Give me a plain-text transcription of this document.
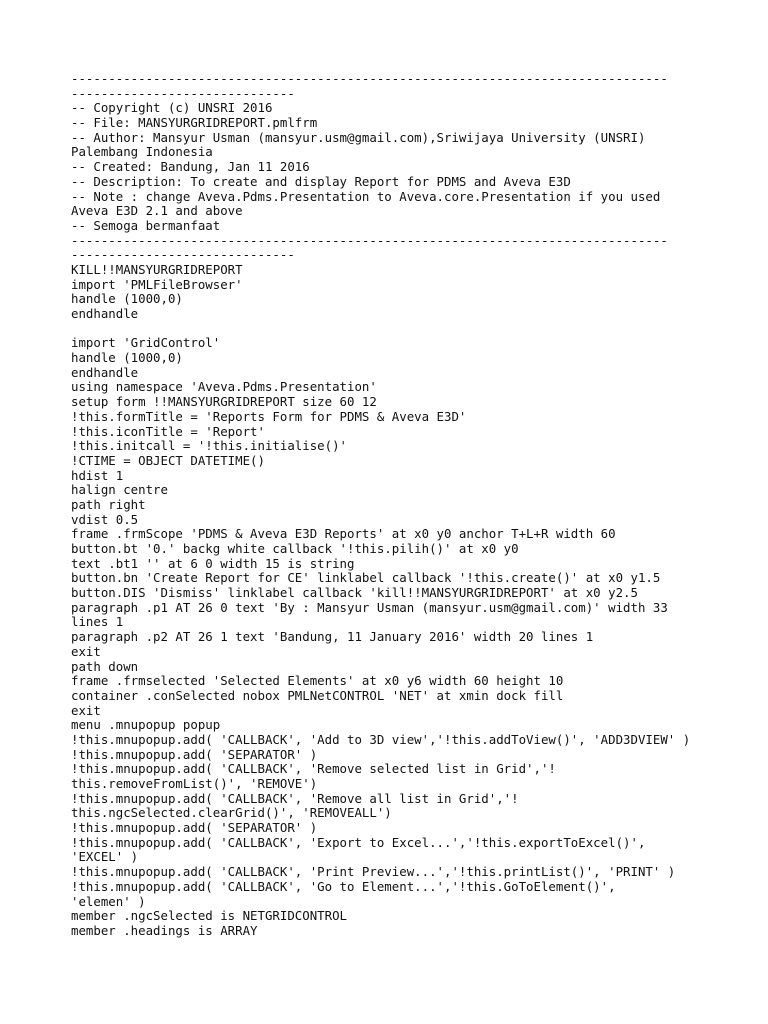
--------------------------------------------------------------------------------
------------------------------
-- Copyright (c) UNSRI 2016
-- File: MANSYURGRIDREPORT.pmlfrm
-- Author: Mansyur Usman (mansyur.usm@gmail.com),Sriwijaya University (UNSRI)
Palembang Indonesia
-- Created: Bandung, Jan 11 2016
-- Description: To create and display Report for PDMS and Aveva E3D
-- Note : change Aveva.Pdms.Presentation to Aveva.core.Presentation if you used
Aveva E3D 2.1 and above
-- Semoga bermanfaat
--------------------------------------------------------------------------------
------------------------------
KILL!!MANSYURGRIDREPORT
import 'PMLFileBrowser'
handle (1000,0)
endhandle
import 'GridControl'
handle (1000,0)
endhandle
using namespace 'Aveva.Pdms.Presentation'
setup form !!MANSYURGRIDREPORT size 60 12
!this.formTitle = 'Reports Form for PDMS & Aveva E3D'
!this.iconTitle = 'Report'
!this.initcall = '!this.initialise()'
!CTIME = OBJECT DATETIME()
hdist 1
halign centre
path right
vdist 0.5
frame .frmScope 'PDMS & Aveva E3D Reports' at x0 y0 anchor T+L+R width 60
button.bt '0.' backg white callback '!this.pilih()' at x0 y0
text .bt1 '' at 6 0 width 15 is string
button.bn 'Create Report for CE' linklabel callback '!this.create()' at x0 y1.5
button.DIS 'Dismiss' linklabel callback 'kill!!MANSYURGRIDREPORT' at x0 y2.5
paragraph .p1 AT 26 0 text 'By : Mansyur Usman (mansyur.usm@gmail.com)' width 33
lines 1
paragraph .p2 AT 26 1 text 'Bandung, 11 January 2016' width 20 lines 1
exit
path down
frame .frmselected 'Selected Elements' at x0 y6 width 60 height 10
container .conSelected nobox PMLNetCONTROL 'NET' at xmin dock fill
exit
menu .mnupopup popup
!this.mnupopup.add( 'CALLBACK', 'Add to 3D view','!this.addToView()', 'ADD3DVIEW' )
!this.mnupopup.add( 'SEPARATOR' )
!this.mnupopup.add( 'CALLBACK', 'Remove selected list in Grid','!
this.removeFromList()', 'REMOVE')
!this.mnupopup.add( 'CALLBACK', 'Remove all list in Grid','!
this.ngcSelected.clearGrid()', 'REMOVEALL')
!this.mnupopup.add( 'SEPARATOR' )
!this.mnupopup.add( 'CALLBACK', 'Export to Excel...','!this.exportToExcel()',
'EXCEL' )
!this.mnupopup.add( 'CALLBACK', 'Print Preview...','!this.printList()', 'PRINT' )
!this.mnupopup.add( 'CALLBACK', 'Go to Element...','!this.GoToElement()',
'elemen' )
member .ngcSelected is NETGRIDCONTROL
member .headings is ARRAY
